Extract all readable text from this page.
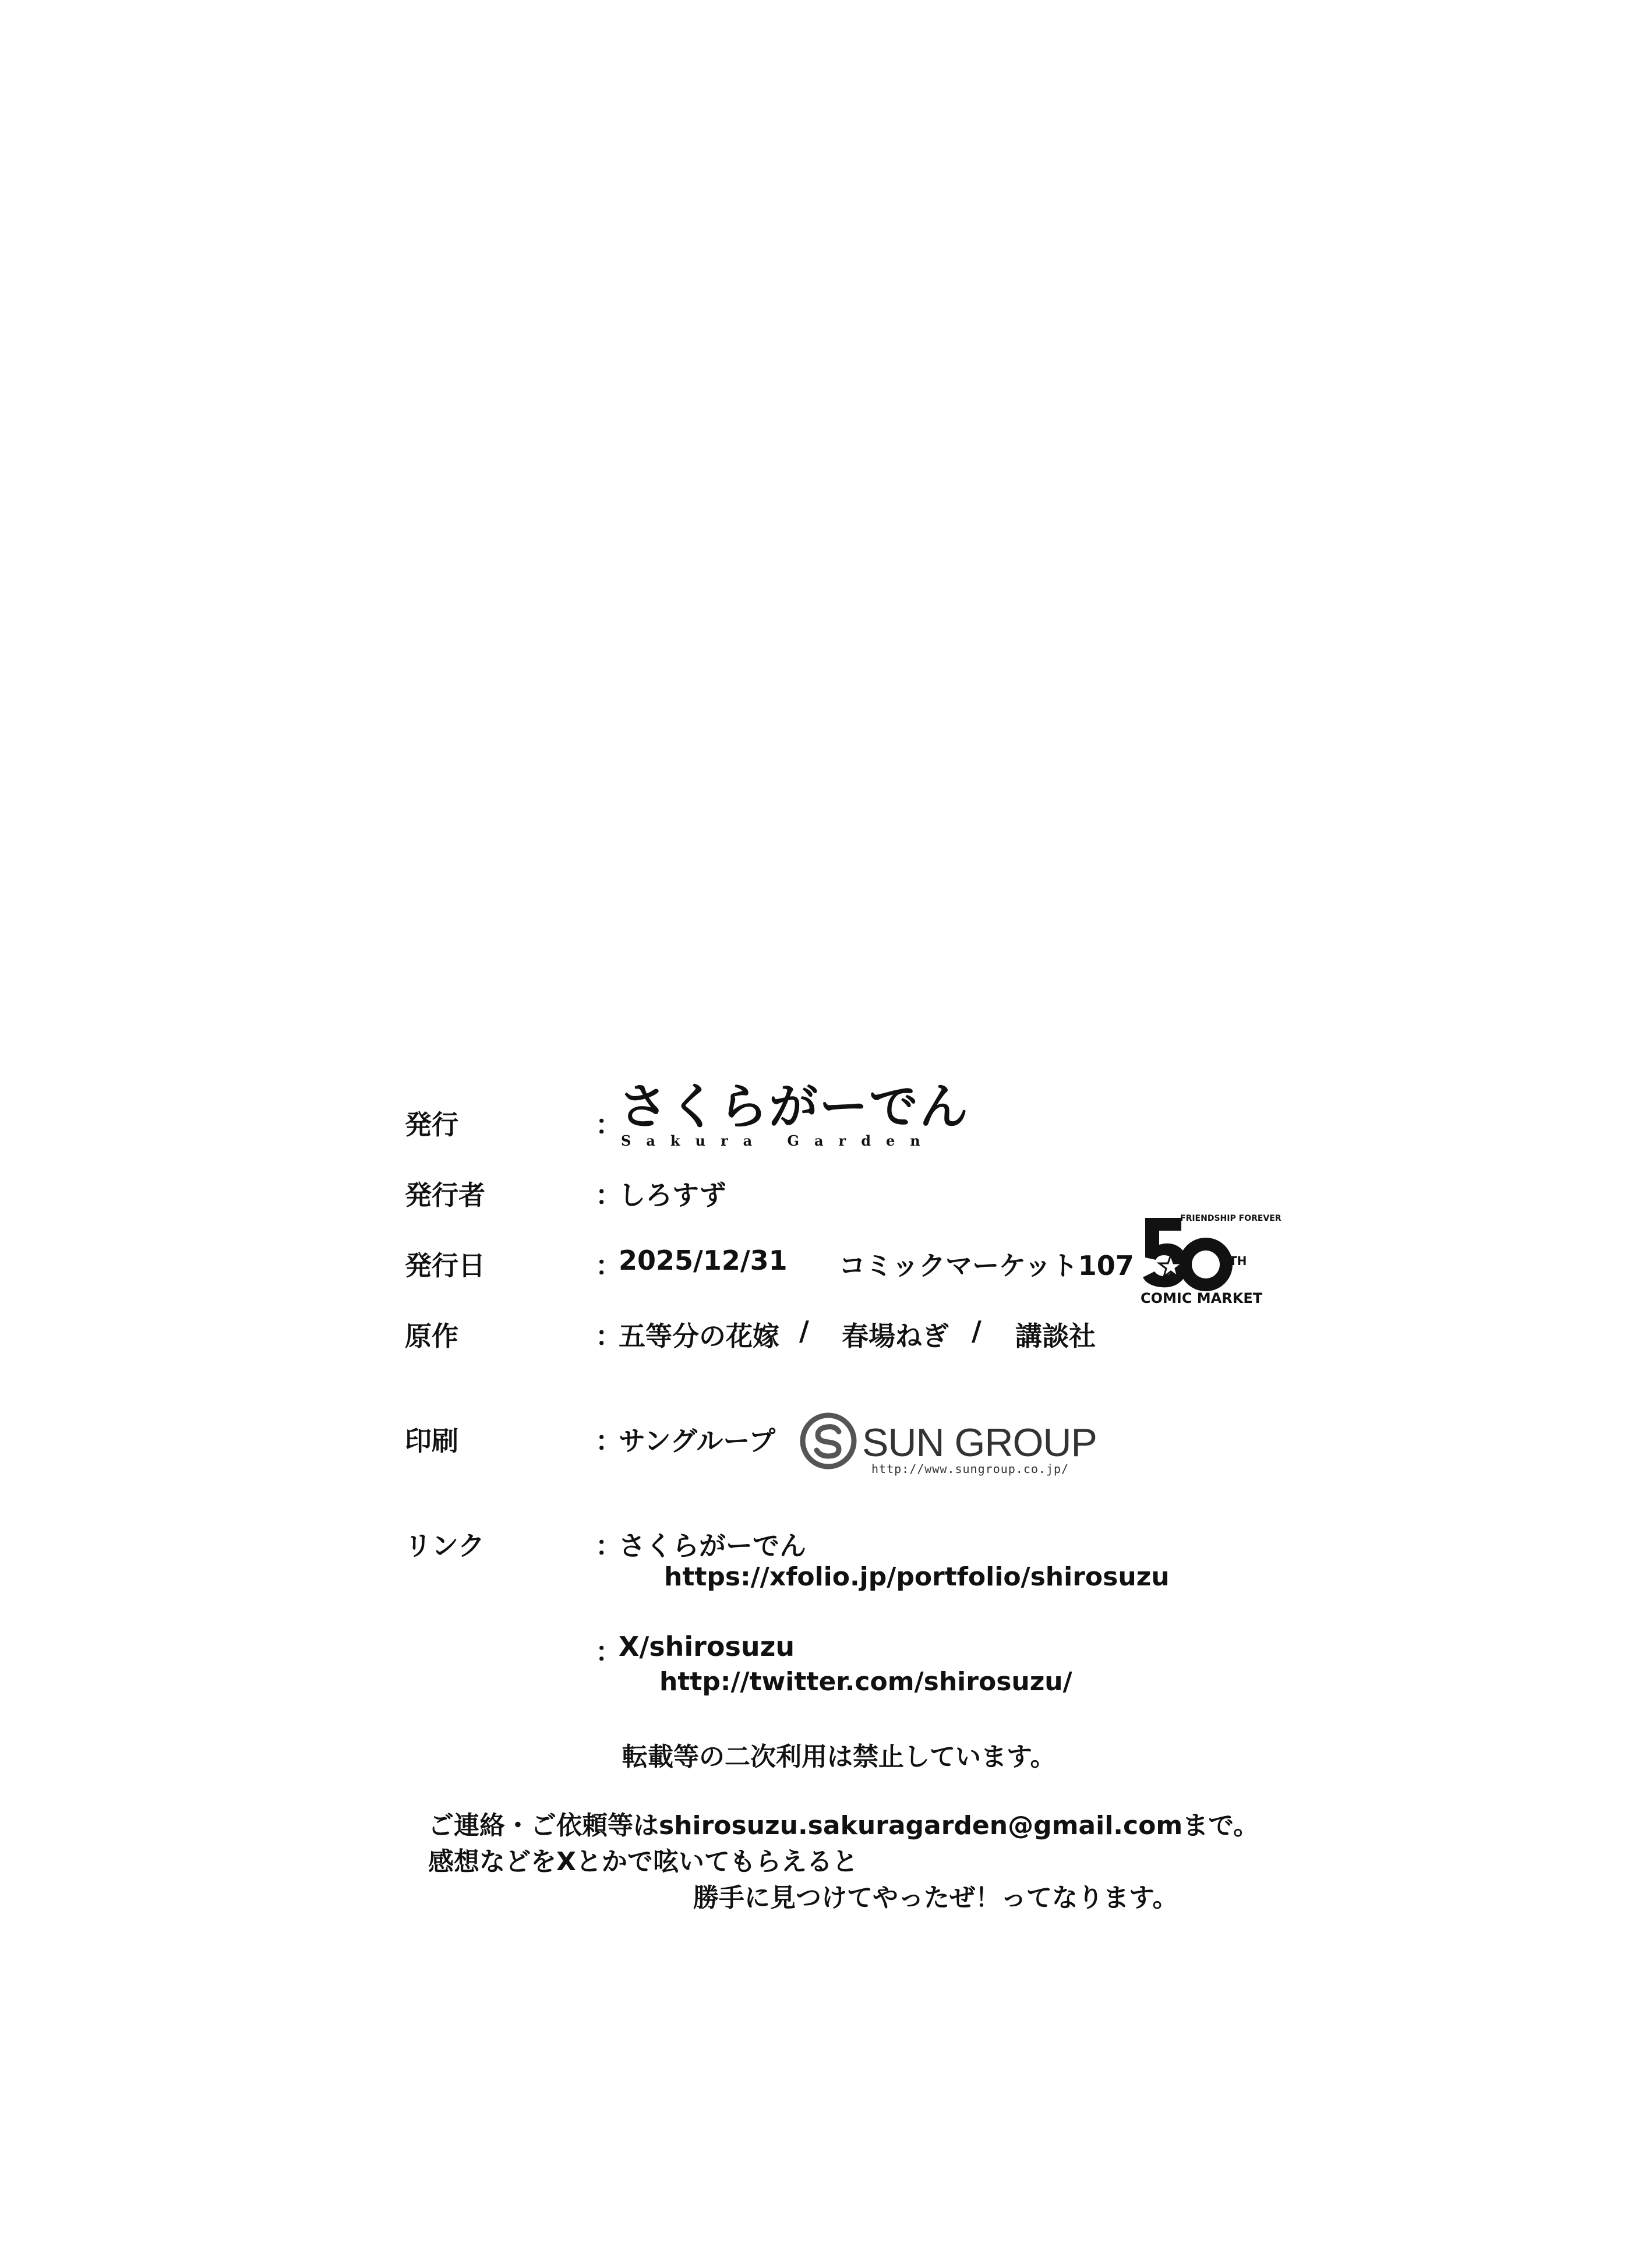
発行	：
さくらがーでん
Sakura Garden
発行者	：
しろすず
発行日	：
2025/12/31 コミックマーケット107
FRIENDSHIP FOREVER
TH
COMIC MARKET
原作	：
五等分の花嫁 / 春場ねぎ / 講談社
印刷	：
サングループ SUN GROUP
http://www.sungroup.co.jp/
リンク	：
さくらがーでん
https://xfolio.jp/portfolio/shirosuzu
：
X/shirosuzu
http://twitter.com/shirosuzu/
転載等の二次利用は禁止しています。
ご連絡・ご依頼等はshirosuzu.sakuragarden@gmail.comまで。
感想などをXとかで呟いてもらえると
勝手に見つけてやったぜ！ってなります。
